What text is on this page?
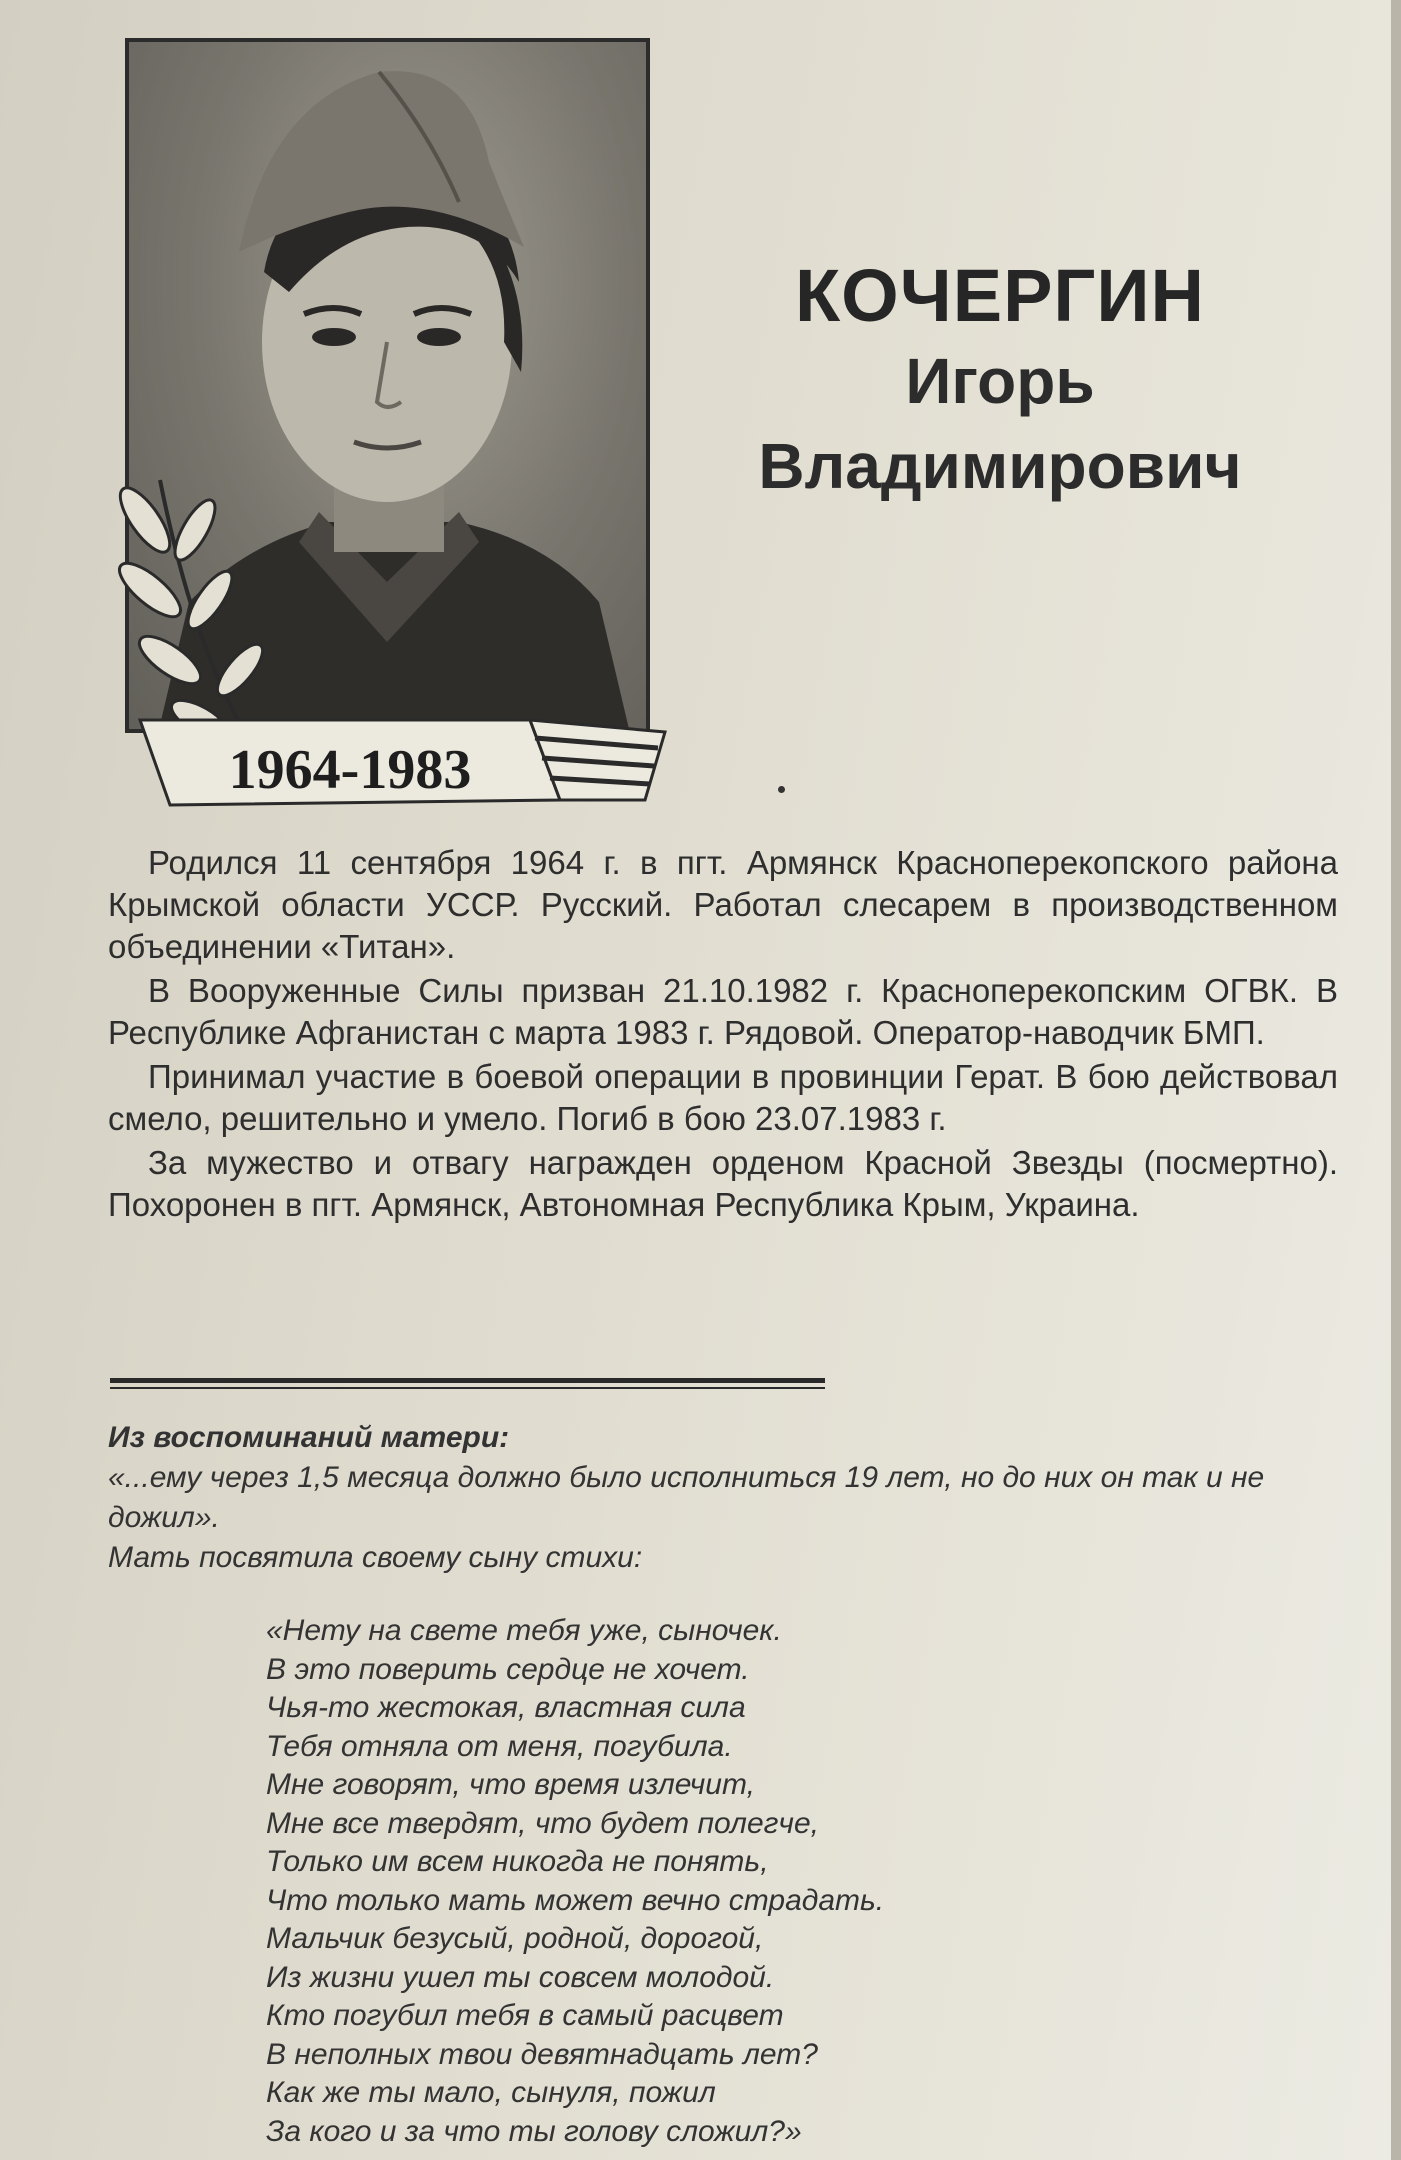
1964-1983
КОЧЕРГИН
Игорь
Владимирович

Родился 11 сентября 1964 г. в пгт. Армянск Красноперекопского района Крымской области УССР. Русский. Работал слесарем в производственном объединении «Титан».

В Вооруженные Силы призван 21.10.1982 г. Красноперекопским ОГВК. В Республике Афганистан с марта 1983 г. Рядовой. Оператор-наводчик БМП.

Принимал участие в боевой операции в провинции Герат. В бою действовал смело, решительно и умело. Погиб в бою 23.07.1983 г.

За мужество и отвагу награжден орденом Красной Звезды (посмертно). Похоронен в пгт. Армянск, Автономная Республика Крым, Украина.

Из воспоминаний матери:

«...ему через 1,5 месяца должно было исполниться 19 лет, но до них он так и не дожил».

Мать посвятила своему сыну стихи:

«Нету на свете тебя уже, сыночек.
В это поверить сердце не хочет.
Чья-то жестокая, властная сила
Тебя отняла от меня, погубила.
Мне говорят, что время излечит,
Мне все твердят, что будет полегче,
Только им всем никогда не понять,
Что только мать может вечно страдать.
Мальчик безусый, родной, дорогой,
Из жизни ушел ты совсем молодой.
Кто погубил тебя в самый расцвет
В неполных твои девятнадцать лет?
Как же ты мало, сынуля, пожил
За кого и за что ты голову сложил?»
